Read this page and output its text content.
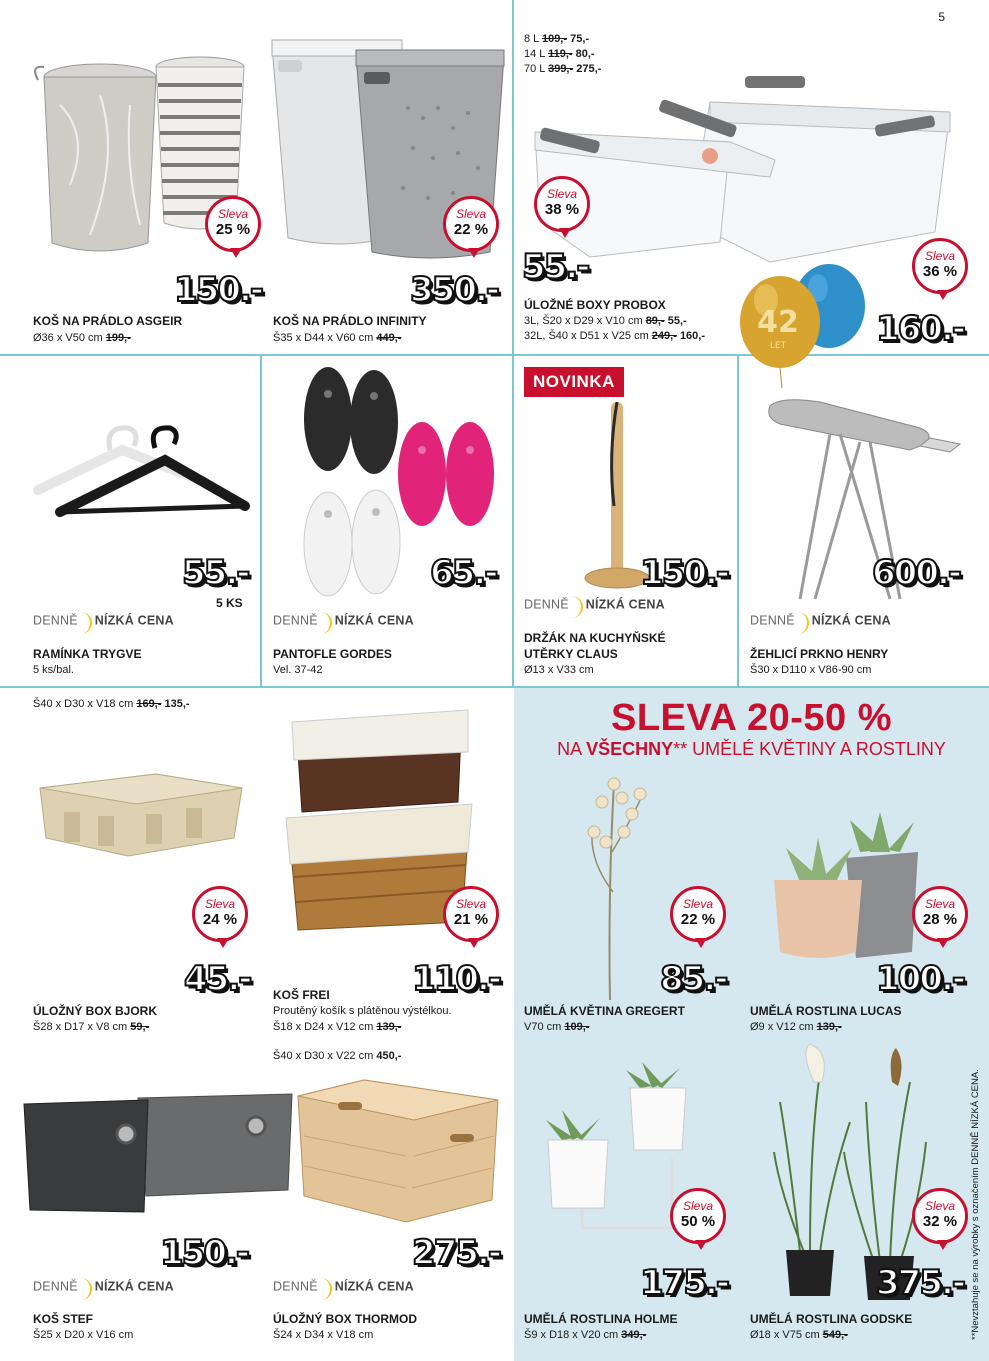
5
Sleva
25 %
150.-
KOŠ NA PRÁDLO ASGEIR
Ø36 x V50 cm 199,-
Sleva
22 %
350.-
KOŠ NA PRÁDLO INFINITY
Š35 x D44 x V60 cm 449,-
8 L 109,- 75,-
14 L 119,- 80,-
70 L 399,- 275,-
Sleva
38 %
55.-
ÚLOŽNÉ BOXY PROBOX
3L, Š20 x D29 x V10 cm 89,- 55,-
32L, Š40 x D51 x V25 cm 249,- 160,- 42
LET
Sleva
36 %
160.-
55.-
5 KS
DENNĚ NÍZKÁ CENA
RAMÍNKA TRYGVE
5 ks/bal.
65.-
DENNĚ NÍZKÁ CENA
PANTOFLE GORDES
Vel. 37-42
NOVINKA
150.-
DENNĚ NÍZKÁ CENA
DRŽÁK NA KUCHYŇSKÉ
UTĚRKY CLAUS
Ø13 x V33 cm
600.-
DENNĚ NÍZKÁ CENA
ŽEHLICÍ PRKNO HENRY
Š30 x D110 x V86-90 cm
Š40 x D30 x V18 cm 169,- 135,-
Sleva
24 %
45.-
ÚLOŽNÝ BOX BJORK
Š28 x D17 x V8 cm 59,-
Sleva
21 %
110.-
KOŠ FREI
Proutěný košík s plátěnou výstélkou.
Š18 x D24 x V12 cm 139,-
Š40 x D30 x V22 cm 450,-
SLEVA 20-50 %
NA VŠECHNY** UMĚLÉ KVĚTINY A ROSTLINY
Sleva
22 %
85.-
UMĚLÁ KVĚTINA GREGERT
V70 cm 109,-
Sleva
28 %
100.-
UMĚLÁ ROSTLINA LUCAS
Ø9 x V12 cm 139,-
150.-
DENNĚ NÍZKÁ CENA
KOŠ STEF
Š25 x D20 x V16 cm
275.-
DENNĚ NÍZKÁ CENA
ÚLOŽNÝ BOX THORMOD
Š24 x D34 x V18 cm
Sleva
50 %
175.-
UMĚLÁ ROSTLINA HOLME
Š9 x D18 x V20 cm 349,-
Sleva
32 %
375.-
UMĚLÁ ROSTLINA GODSKE
Ø18 x V75 cm 549,-	**Nevztahuje se na výrobky s označením DENNĚ NÍZKÁ CENA.
